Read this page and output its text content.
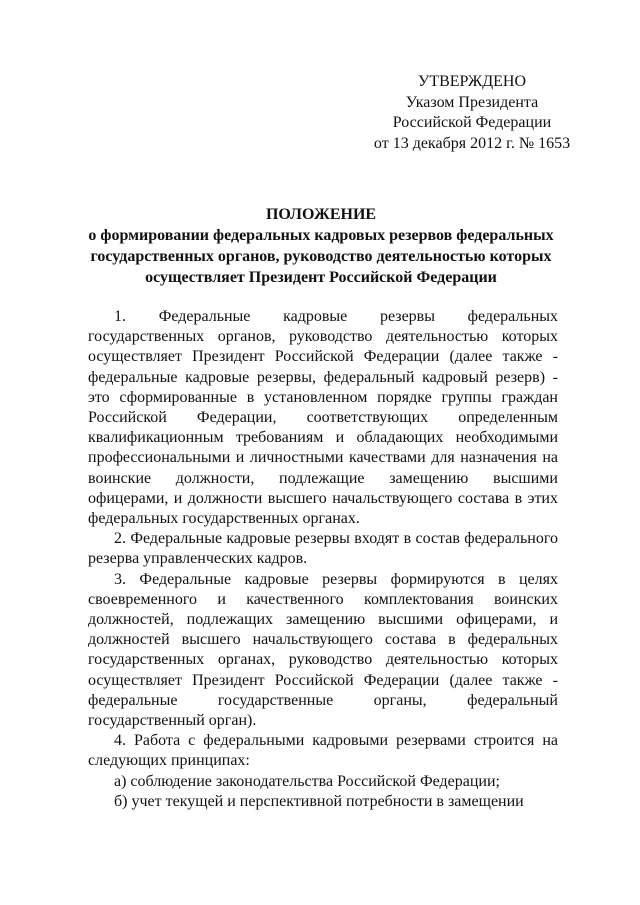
УТВЕРЖДЕНО
Указом Президента
Российской Федерации
от 13 декабря 2012 г. № 1653
ПОЛОЖЕНИЕ
о формировании федеральных кадровых резервов федеральных государственных органов, руководство деятельностью которых осуществляет Президент Российской Федерации

1. Федеральные кадровые резервы федеральных государственных органов, руководство деятельностью которых осуществляет Президент Российской Федерации (далее также - федеральные кадровые резервы, федеральный кадровый резерв) - это сформированные в установленном порядке группы граждан Российской Федерации, соответствующих определенным квалификационным требованиям и обладающих необходимыми профессиональными и личностными качествами для назначения на воинские должности, подлежащие замещению высшими офицерами, и должности высшего начальствующего состава в этих федеральных государственных органах.

2. Федеральные кадровые резервы входят в состав федерального резерва управленческих кадров.

3. Федеральные кадровые резервы формируются в целях своевременного и качественного комплектования воинских должностей, подлежащих замещению высшими офицерами, и должностей высшего начальствующего состава в федеральных государственных органах, руководство деятельностью которых осуществляет Президент Российской Федерации (далее также - федеральные государственные органы, федеральный государственный орган).

4. Работа с федеральными кадровыми резервами строится на следующих принципах:

а) соблюдение законодательства Российской Федерации;

б) учет текущей и перспективной потребности в замещении
